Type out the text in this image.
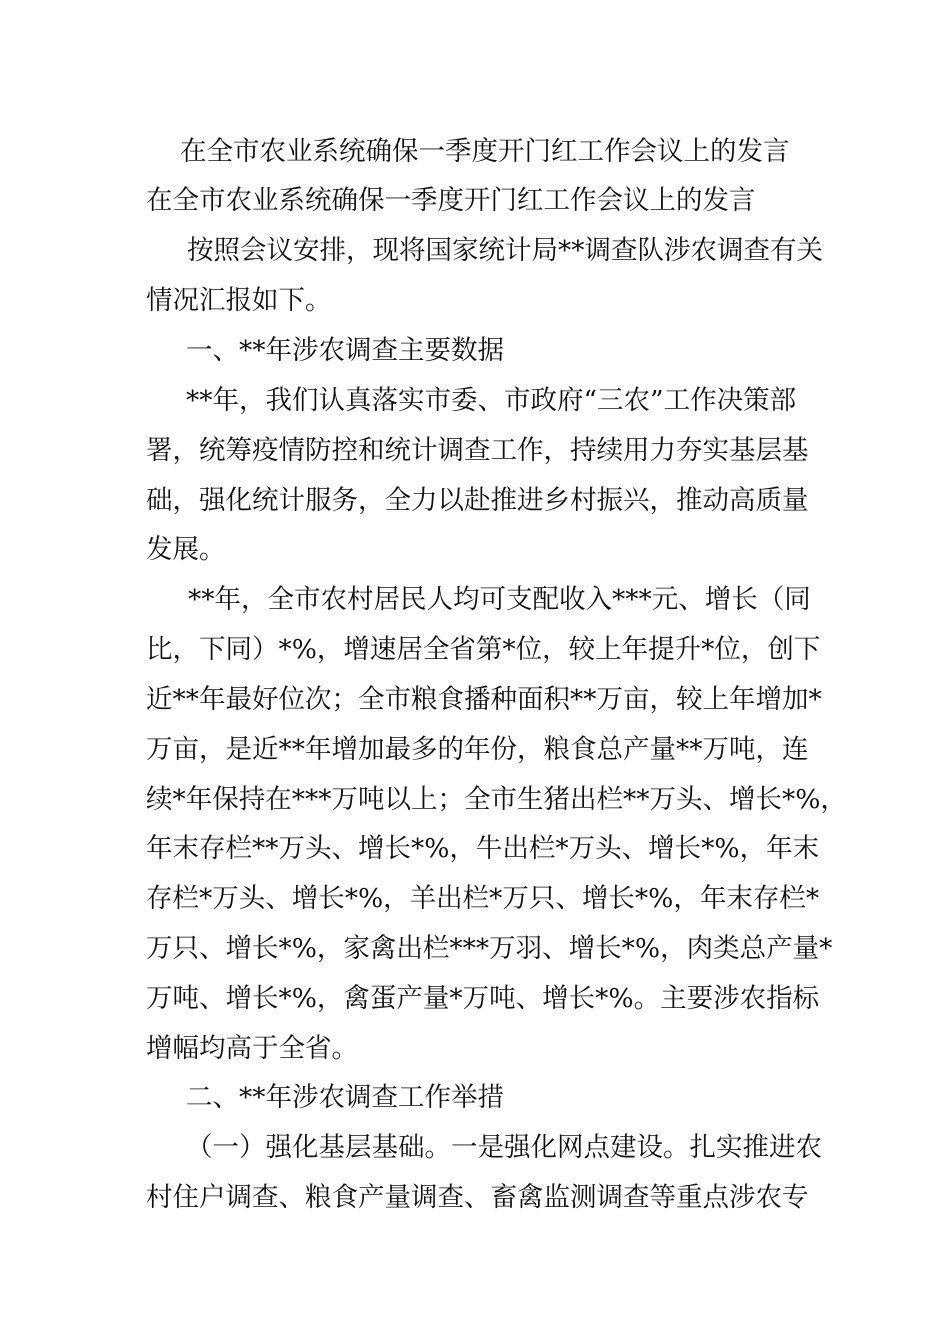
在全市农业系统确保一季度开门红工作会议上的发言
在全市农业系统确保一季度开门红工作会议上的发言
按照会议安排，现将国家统计局**调查队涉农调查有关
情况汇报如下。
一、**年涉农调查主要数据
**年，我们认真落实市委、市政府“三农”工作决策部
署，统筹疫情防控和统计调查工作，持续用力夯实基层基
础，强化统计服务，全力以赴推进乡村振兴，推动高质量
发展。
**年，全市农村居民人均可支配收入***元、增长（同
比，下同）*%，增速居全省第*位，较上年提升*位，创下
近**年最好位次；全市粮食播种面积**万亩，较上年增加*
万亩，是近**年增加最多的年份，粮食总产量**万吨，连
续*年保持在***万吨以上；全市生猪出栏**万头、增长*%，
年末存栏**万头、增长*%，牛出栏*万头、增长*%，年末
存栏*万头、增长*%，羊出栏*万只、增长*%，年末存栏*
万只、增长*%，家禽出栏***万羽、增长*%，肉类总产量*
万吨、增长*%，禽蛋产量*万吨、增长*%。主要涉农指标
增幅均高于全省。
二、**年涉农调查工作举措
（一）强化基层基础。一是强化网点建设。扎实推进农
村住户调查、粮食产量调查、畜禽监测调查等重点涉农专
